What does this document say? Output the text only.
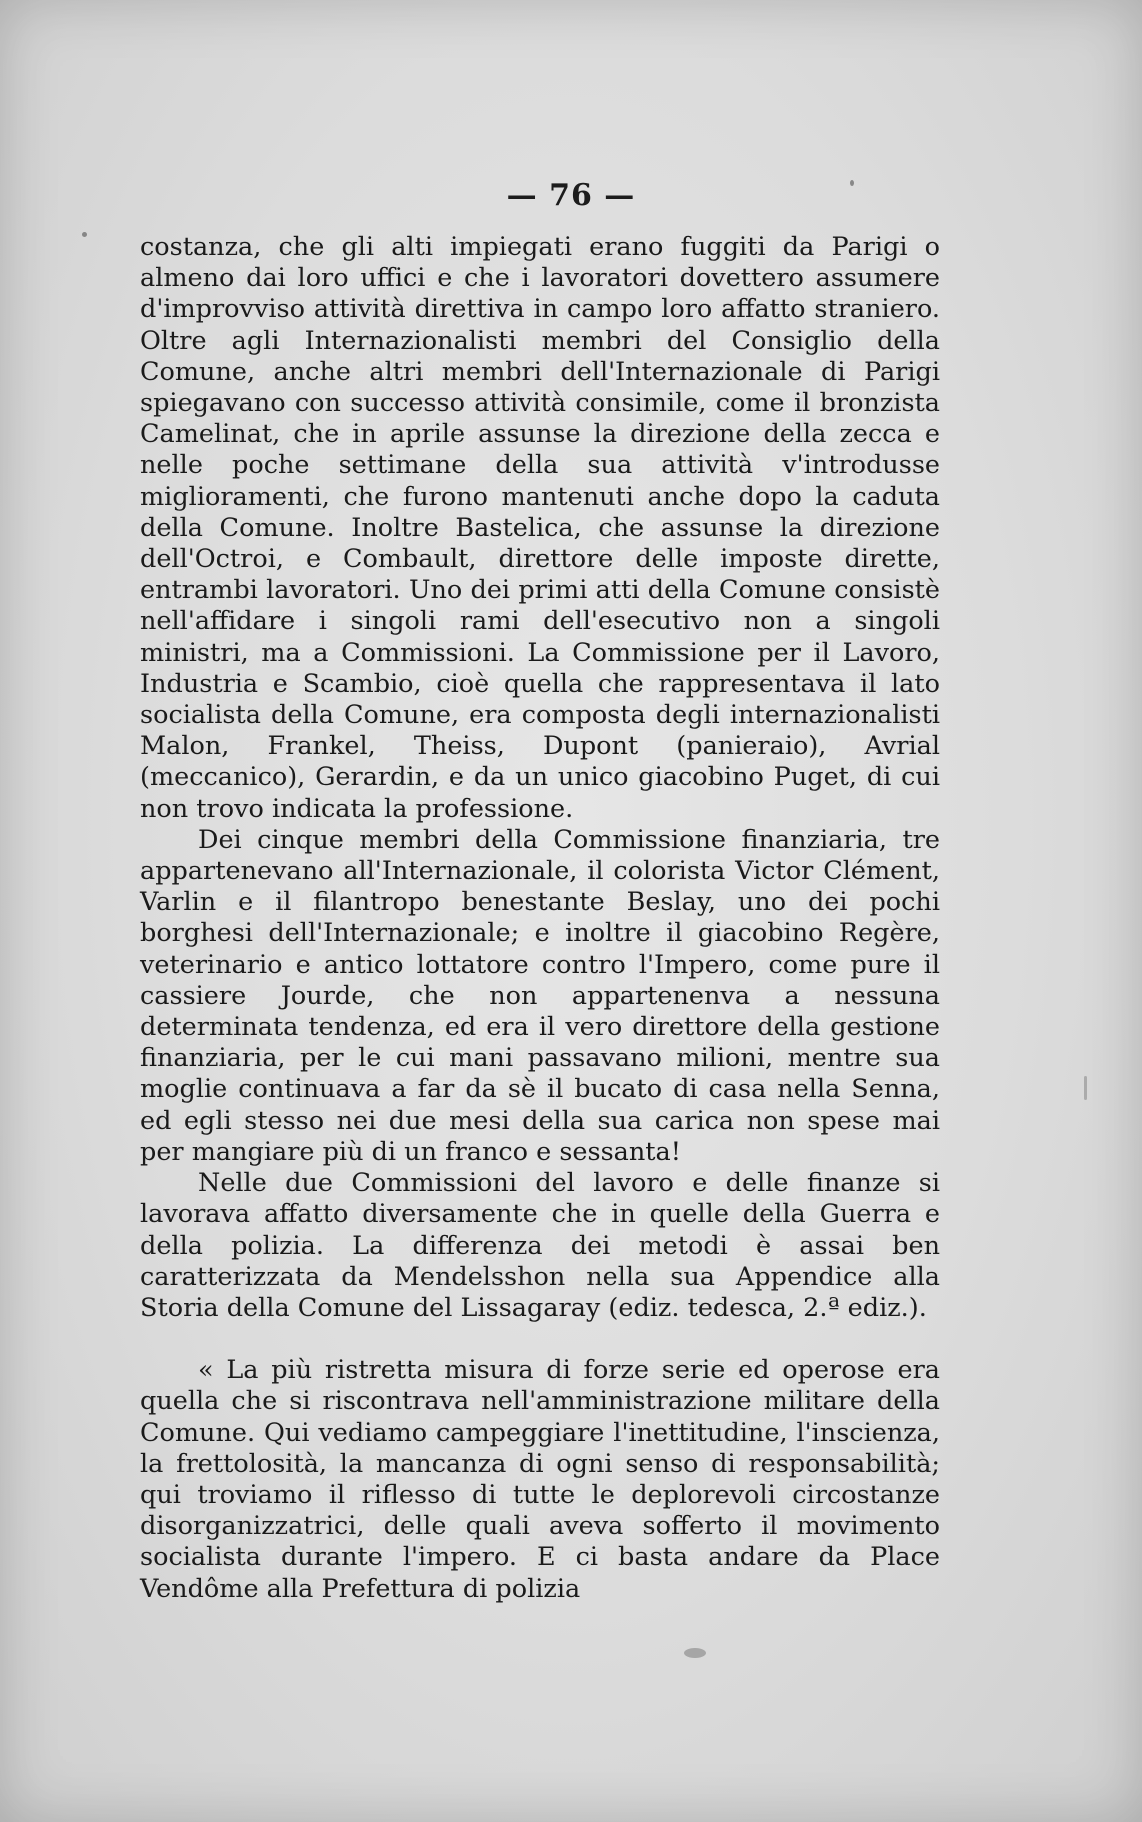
— 76 —

costanza, che gli alti impiegati erano fuggiti da Parigi o almeno dai loro uffici e che i lavoratori dovettero assumere d'improvviso attività direttiva in campo loro affatto straniero. Oltre agli Internazionalisti membri del Consiglio della Comune, anche altri membri dell'Internazionale di Parigi spiegavano con successo attività consimile, come il bronzista Camelinat, che in aprile assunse la direzione della zecca e nelle poche settimane della sua attività v'introdusse miglioramenti, che furono mantenuti anche dopo la caduta della Comune. Inoltre Bastelica, che assunse la direzione dell'Octroi, e Combault, direttore delle imposte dirette, entrambi lavoratori. Uno dei primi atti della Comune consistè nell'affidare i singoli rami dell'esecutivo non a singoli ministri, ma a Commissioni. La Commissione per il Lavoro, Industria e Scambio, cioè quella che rappresentava il lato socialista della Comune, era composta degli internazionalisti Malon, Frankel, Theiss, Dupont (panieraio), Avrial (meccanico), Gerardin, e da un unico giacobino Puget, di cui non trovo indicata la professione.

Dei cinque membri della Commissione finanziaria, tre appartenevano all'Internazionale, il colorista Victor Clément, Varlin e il filantropo benestante Beslay, uno dei pochi borghesi dell'Internazionale; e inoltre il giacobino Regère, veterinario e antico lottatore contro l'Impero, come pure il cassiere Jourde, che non appartenenva a nessuna determinata tendenza, ed era il vero direttore della gestione finanziaria, per le cui mani passavano milioni, mentre sua moglie continuava a far da sè il bucato di casa nella Senna, ed egli stesso nei due mesi della sua carica non spese mai per mangiare più di un franco e sessanta!

Nelle due Commissioni del lavoro e delle finanze si lavorava affatto diversamente che in quelle della Guerra e della polizia. La differenza dei metodi è assai ben caratterizzata da Mendelsshon nella sua Appendice alla Storia della Comune del Lissagaray (ediz. tedesca, 2.ª ediz.).

« La più ristretta misura di forze serie ed operose era quella che si riscontrava nell'amministrazione militare della Comune. Qui vediamo campeggiare l'inettitudine, l'inscienza, la frettolosità, la mancanza di ogni senso di responsabilità; qui troviamo il riflesso di tutte le deplorevoli circostanze disorganizzatrici, delle quali aveva sofferto il movimento socialista durante l'impero. E ci basta andare da Place Vendôme alla Prefettura di polizia
